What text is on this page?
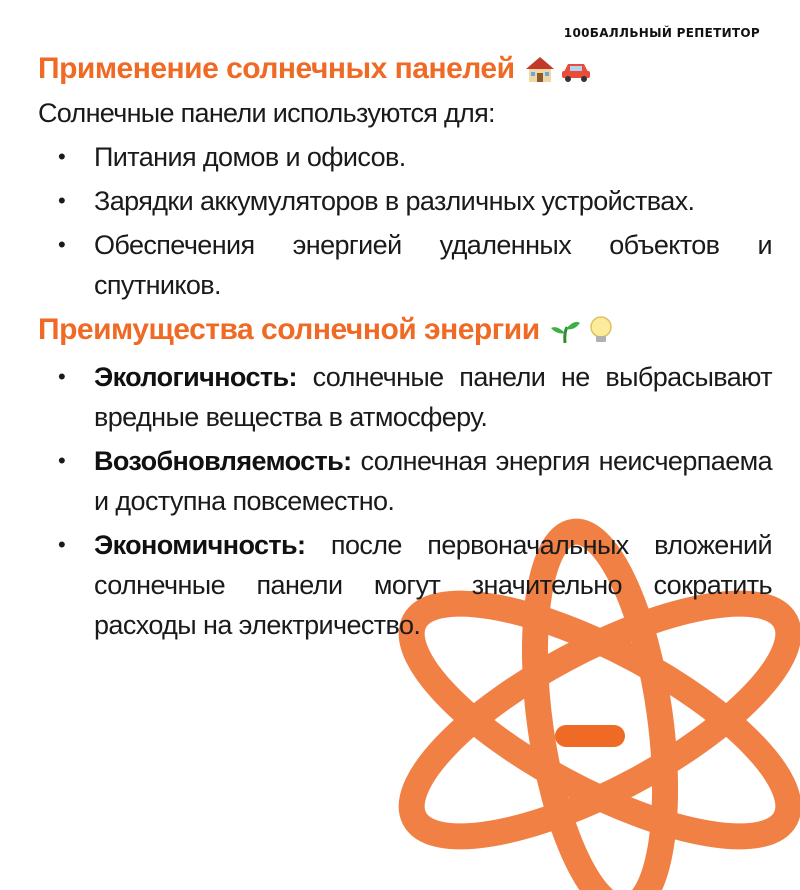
100БАЛЛЬНЫЙ РЕПЕТИТОР
Применение солнечных панелей

Солнечные панели используются для:

• Питания домов и офисов.
• Зарядки аккумуляторов в различных устройствах.
• Обеспечения энергией удаленных объектов и спутников.
Преимущества солнечной энергии
• Экологичность: солнечные панели не выбрасывают вредные вещества в атмосферу.
• Возобновляемость: солнечная энергия неисчерпаема и доступна повсеместно.
• Экономичность: после первоначальных вложений солнечные панели могут значительно сократить расходы на электричество.
